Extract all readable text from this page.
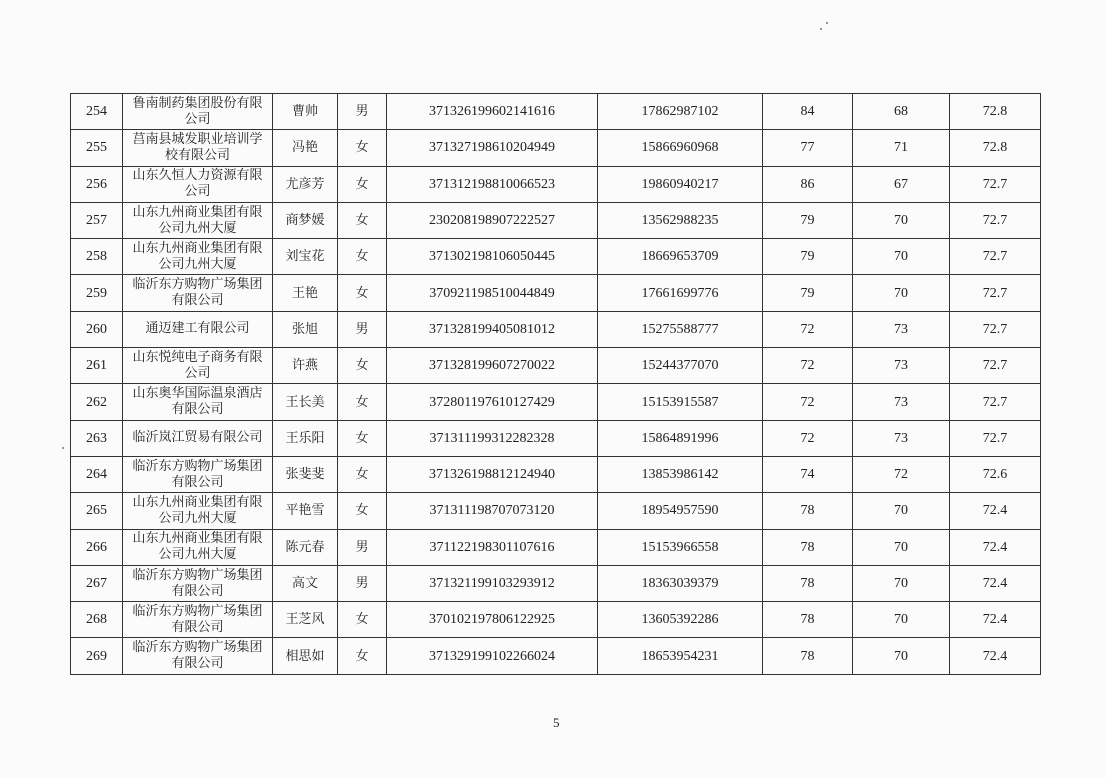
254	鲁南制药集团股份有限公司	曹帅	男	371326199602141616	17862987102	84	68	72.8
255	莒南县城发职业培训学校有限公司	冯艳	女	371327198610204949	15866960968	77	71	72.8
256	山东久恒人力资源有限公司	尤彦芳	女	371312198810066523	19860940217	86	67	72.7
257	山东九州商业集团有限公司九州大厦	商梦媛	女	230208198907222527	13562988235	79	70	72.7
258	山东九州商业集团有限公司九州大厦	刘宝花	女	371302198106050445	18669653709	79	70	72.7
259	临沂东方购物广场集团有限公司	王艳	女	370921198510044849	17661699776	79	70	72.7
260	通迈建工有限公司	张旭	男	371328199405081012	15275588777	72	73	72.7
261	山东悦纯电子商务有限公司	许燕	女	371328199607270022	15244377070	72	73	72.7
262	山东奥华国际温泉酒店有限公司	王长美	女	372801197610127429	15153915587	72	73	72.7
263	临沂岚江贸易有限公司	王乐阳	女	371311199312282328	15864891996	72	73	72.7
264	临沂东方购物广场集团有限公司	张斐斐	女	371326198812124940	13853986142	74	72	72.6
265	山东九州商业集团有限公司九州大厦	平艳雪	女	371311198707073120	18954957590	78	70	72.4
266	山东九州商业集团有限公司九州大厦	陈元春	男	371122198301107616	15153966558	78	70	72.4
267	临沂东方购物广场集团有限公司	高文	男	371321199103293912	18363039379	78	70	72.4
268	临沂东方购物广场集团有限公司	王芝风	女	370102197806122925	13605392286	78	70	72.4
269	临沂东方购物广场集团有限公司	相思如	女	371329199102266024	18653954231	78	70	72.4
5
